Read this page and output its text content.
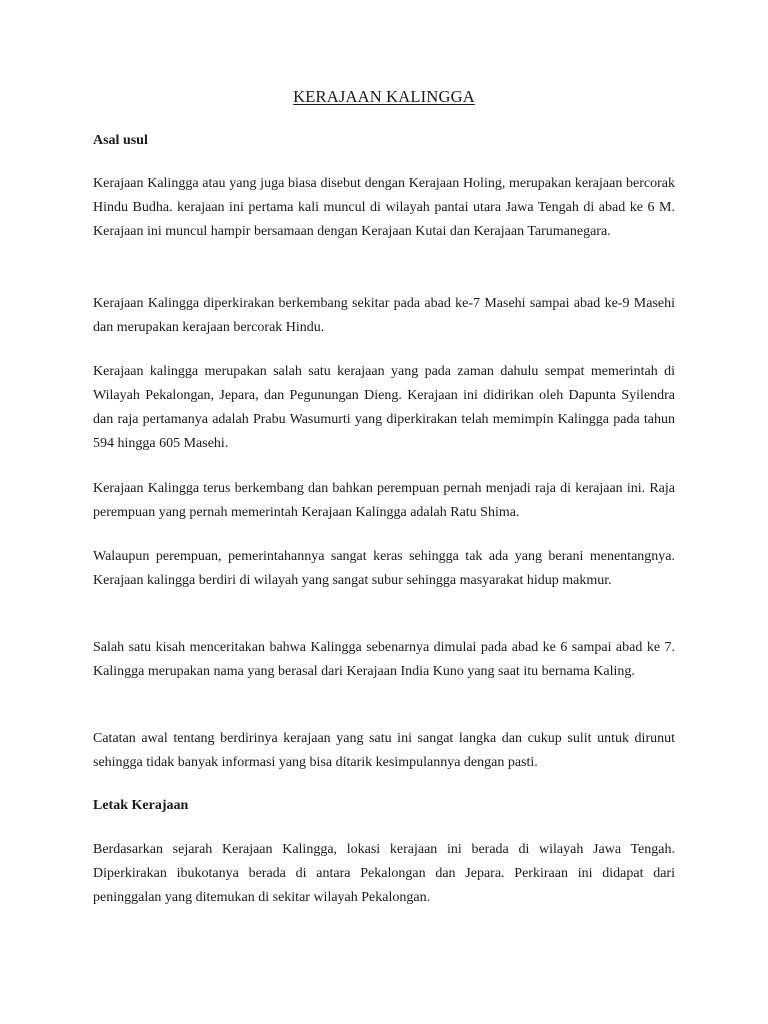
KERAJAAN KALINGGA
Asal usul

Kerajaan Kalingga atau yang juga biasa disebut dengan Kerajaan Holing, merupakan kerajaan bercorak Hindu Budha. kerajaan ini pertama kali muncul di wilayah pantai utara Jawa Tengah di abad ke 6 M. Kerajaan ini muncul hampir bersamaan dengan Kerajaan Kutai dan Kerajaan Tarumanegara.

Kerajaan Kalingga diperkirakan berkembang sekitar pada abad ke-7 Masehi sampai abad ke-9 Masehi dan merupakan kerajaan bercorak Hindu.

Kerajaan kalingga merupakan salah satu kerajaan yang pada zaman dahulu sempat memerintah di Wilayah Pekalongan, Jepara, dan Pegunungan Dieng. Kerajaan ini didirikan oleh Dapunta Syilendra dan raja pertamanya adalah Prabu Wasumurti yang diperkirakan telah memimpin Kalingga pada tahun 594 hingga 605 Masehi.

Kerajaan Kalingga terus berkembang dan bahkan perempuan pernah menjadi raja di kerajaan ini. Raja perempuan yang pernah memerintah Kerajaan Kalingga adalah Ratu Shima.

Walaupun perempuan, pemerintahannya sangat keras sehingga tak ada yang berani menentangnya. Kerajaan kalingga berdiri di wilayah yang sangat subur sehingga masyarakat hidup makmur.

Salah satu kisah menceritakan bahwa Kalingga sebenarnya dimulai pada abad ke 6 sampai abad ke 7. Kalingga merupakan nama yang berasal dari Kerajaan India Kuno yang saat itu bernama Kaling.

Catatan awal tentang berdirinya kerajaan yang satu ini sangat langka dan cukup sulit untuk dirunut sehingga tidak banyak informasi yang bisa ditarik kesimpulannya dengan pasti.

Letak Kerajaan

Berdasarkan sejarah Kerajaan Kalingga, lokasi kerajaan ini berada di wilayah Jawa Tengah. Diperkirakan ibukotanya berada di antara Pekalongan dan Jepara. Perkiraan ini didapat dari peninggalan yang ditemukan di sekitar wilayah Pekalongan.
